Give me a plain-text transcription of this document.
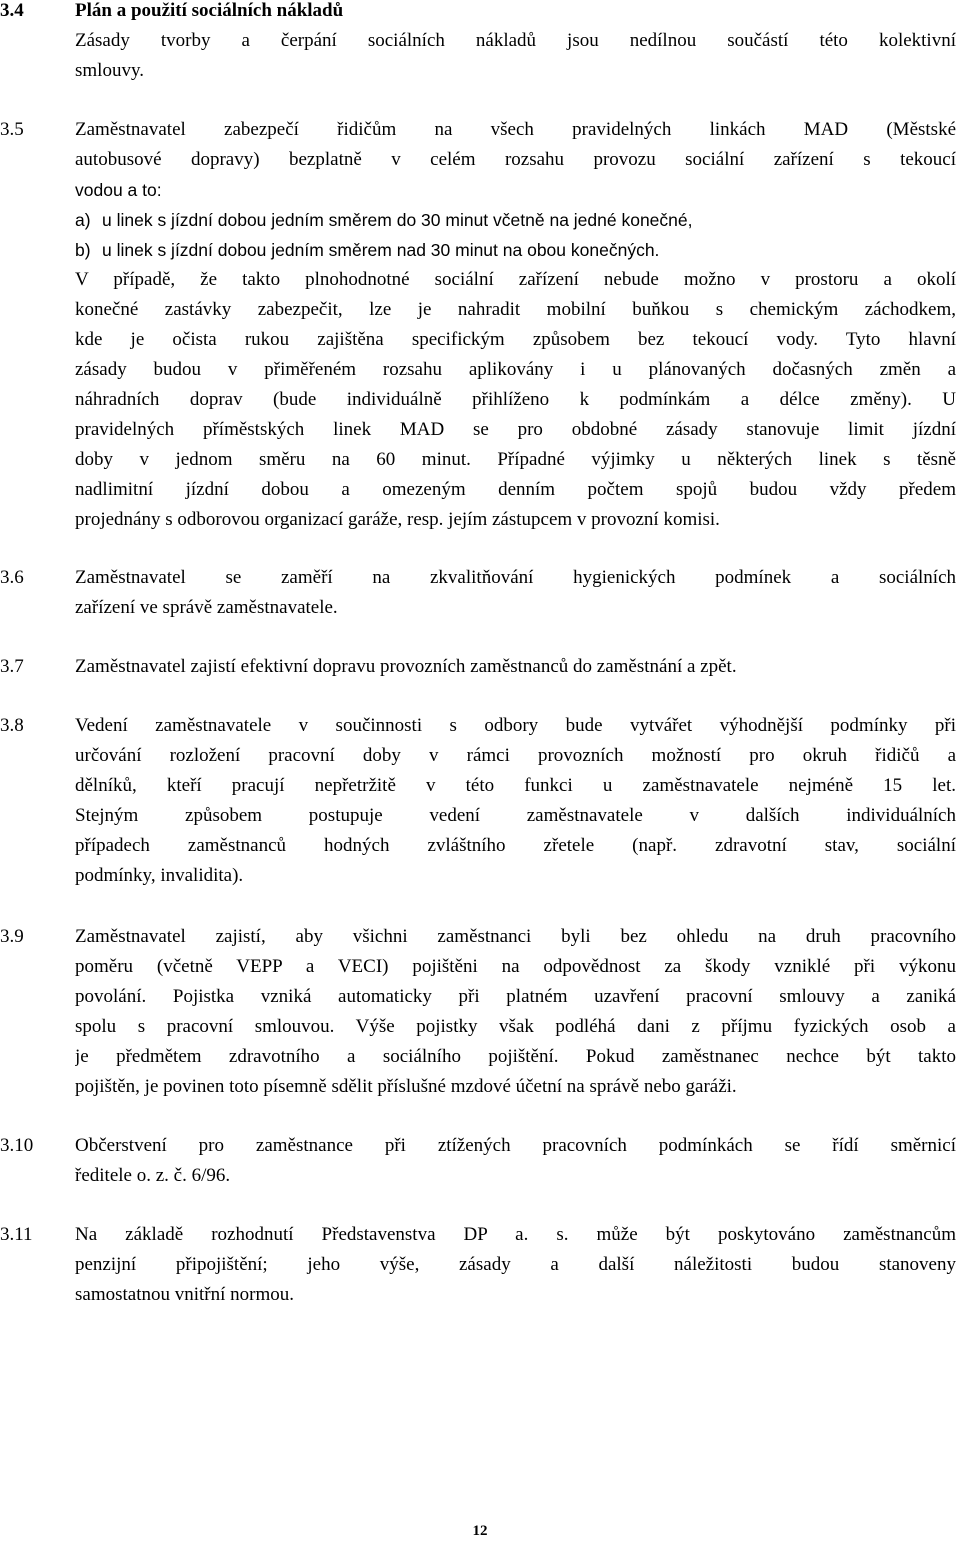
3.4	Plán a použití sociálních nákladů
Zásady tvorby a čerpání sociálních nákladů jsou nedílnou součástí této kolektivní
smlouvy.
3.5	Zaměstnavatel zabezpečí řidičům na všech pravidelných linkách MAD (Městské
autobusové dopravy) bezplatně v celém rozsahu provozu sociální zařízení s tekoucí
vodou a to:
a) u linek s jízdní dobou jedním směrem do 30 minut včetně na jedné konečné,
b) u linek s jízdní dobou jedním směrem nad 30 minut na obou konečných.
V případě, že takto plnohodnotné sociální zařízení nebude možno v prostoru a okolí
konečné zastávky zabezpečit, lze je nahradit mobilní buňkou s chemickým záchodkem,
kde je očista rukou zajištěna specifickým způsobem bez tekoucí vody. Tyto hlavní
zásady budou v přiměřeném rozsahu aplikovány i u plánovaných dočasných změn a
náhradních doprav (bude individuálně přihlíženo k podmínkám a délce změny). U
pravidelných příměstských linek MAD se pro obdobné zásady stanovuje limit jízdní
doby v jednom směru na 60 minut. Případné výjimky u některých linek s těsně
nadlimitní jízdní dobou a omezeným denním počtem spojů budou vždy předem
projednány s odborovou organizací garáže, resp. jejím zástupcem v provozní komisi.
3.6	Zaměstnavatel se zaměří na zkvalitňování hygienických podmínek a sociálních
zařízení ve správě zaměstnavatele.
3.7	Zaměstnavatel zajistí efektivní dopravu provozních zaměstnanců do zaměstnání a zpět.
3.8	Vedení zaměstnavatele v součinnosti s odbory bude vytvářet výhodnější podmínky při
určování rozložení pracovní doby v rámci provozních možností pro okruh řidičů a
dělníků, kteří pracují nepřetržitě v této funkci u zaměstnavatele nejméně 15 let.
Stejným způsobem postupuje vedení zaměstnavatele v dalších individuálních
případech zaměstnanců hodných zvláštního zřetele (např. zdravotní stav, sociální
podmínky, invalidita).
3.9	Zaměstnavatel zajistí, aby všichni zaměstnanci byli bez ohledu na druh pracovního
poměru (včetně VEPP a VECI) pojištěni na odpovědnost za škody vzniklé při výkonu
povolání. Pojistka vzniká automaticky při platném uzavření pracovní smlouvy a zaniká
spolu s pracovní smlouvou. Výše pojistky však podléhá dani z příjmu fyzických osob a
je předmětem zdravotního a sociálního pojištění. Pokud zaměstnanec nechce být takto
pojištěn, je povinen toto písemně sdělit příslušné mzdové účetní na správě nebo garáži.
3.10 Občerstvení pro zaměstnance při ztížených pracovních podmínkách se řídí směrnicí
ředitele o. z. č. 6/96.
3.11 Na základě rozhodnutí Představenstva DP a. s. může být poskytováno zaměstnancům
penzijní připojištění; jeho výše, zásady a další náležitosti budou stanoveny
samostatnou vnitřní normou.
12
